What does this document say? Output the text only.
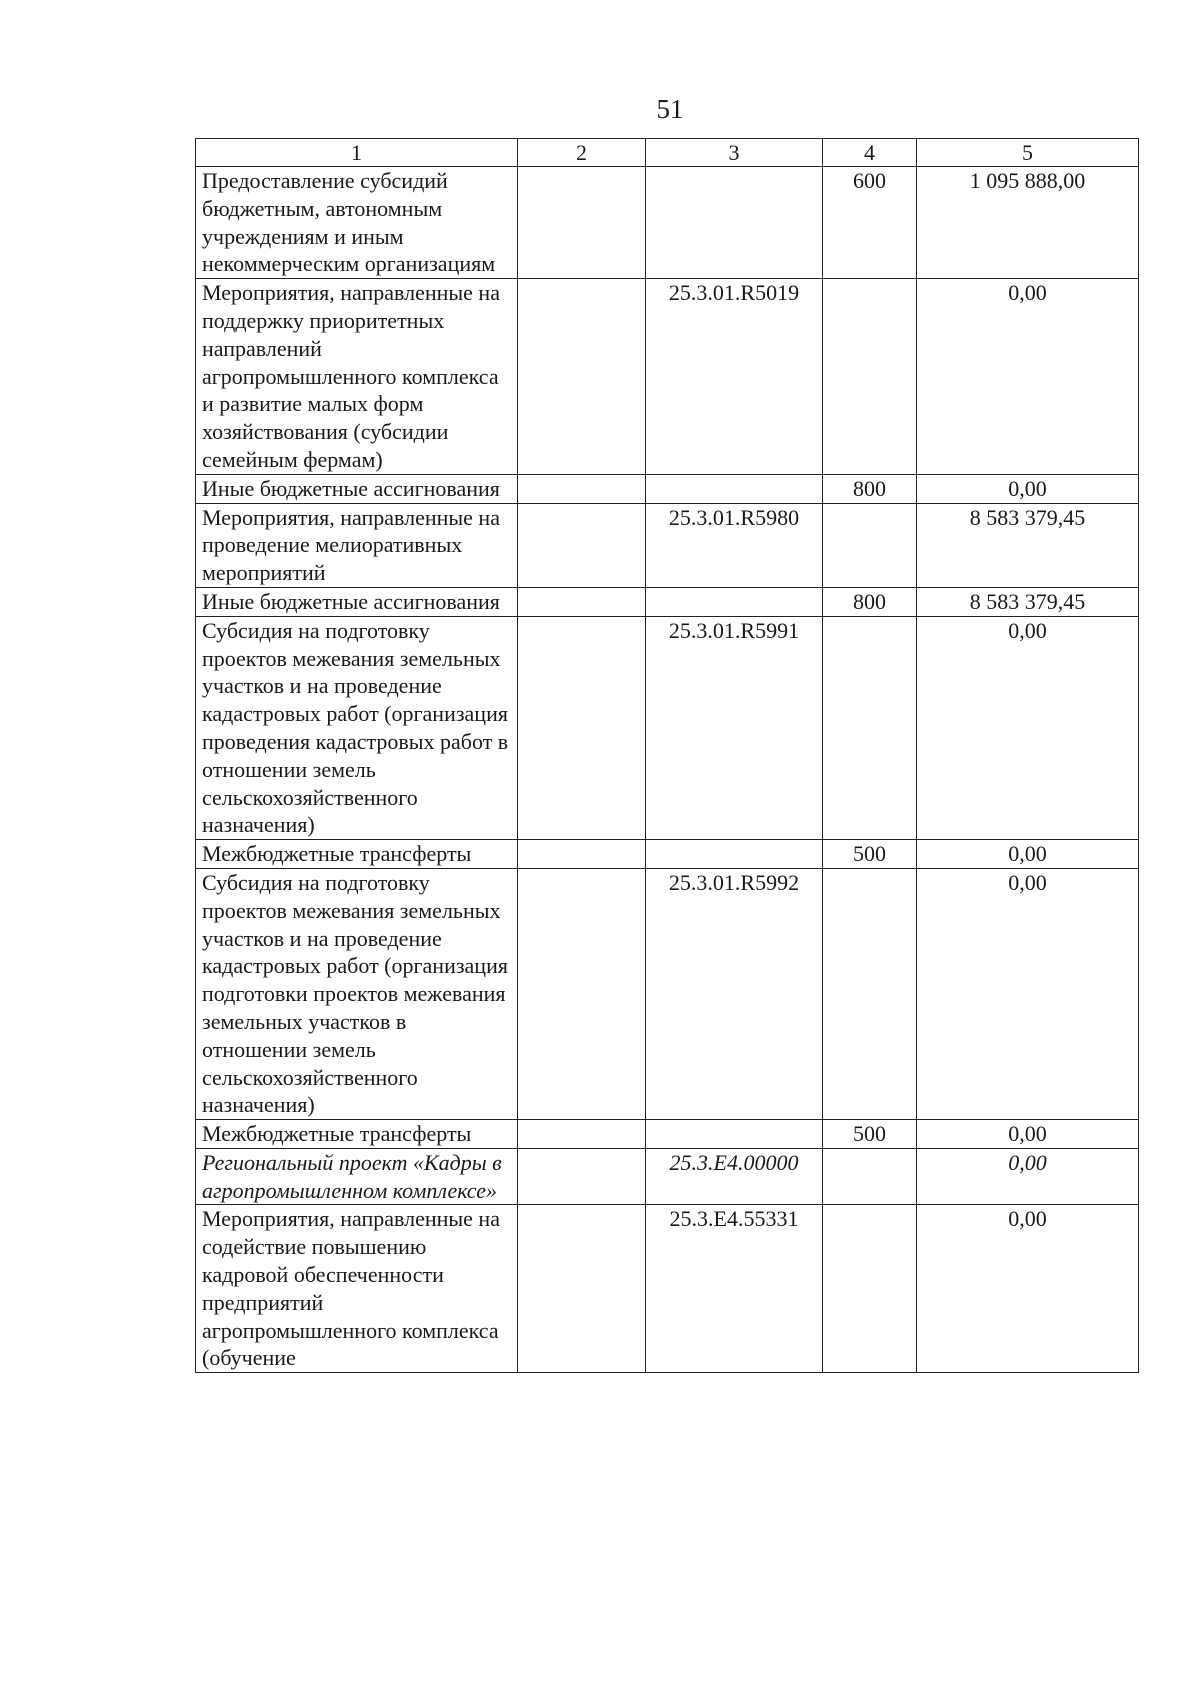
51
1	2	3	4	5
Предоставление субсидий бюджетным, автономным учреждениям и иным некоммерческим организациям			600	1 095 888,00
Мероприятия, направленные на поддержку приоритетных направлений агропромышленного комплекса и развитие малых форм хозяйствования (субсидии семейным фермам)		25.3.01.R5019		0,00
Иные бюджетные ассигнования			800	0,00
Мероприятия, направленные на проведение мелиоративных мероприятий		25.3.01.R5980		8 583 379,45
Иные бюджетные ассигнования			800	8 583 379,45
Субсидия на подготовку проектов межевания земельных участков и на проведение кадастровых работ (организация проведения кадастровых работ в отношении земель сельскохозяйственного назначения)		25.3.01.R5991		0,00
Межбюджетные трансферты			500	0,00
Субсидия на подготовку проектов межевания земельных участков и на проведение кадастровых работ (организация подготовки проектов межевания земельных участков в отношении земель сельскохозяйственного назначения)		25.3.01.R5992		0,00
Межбюджетные трансферты			500	0,00
Региональный проект «Кадры в агропромышленном комплексе»		25.3.E4.00000		0,00
Мероприятия, направленные на содействие повышению кадровой обеспеченности предприятий агропромышленного комплекса (обучение		25.3.E4.55331		0,00
